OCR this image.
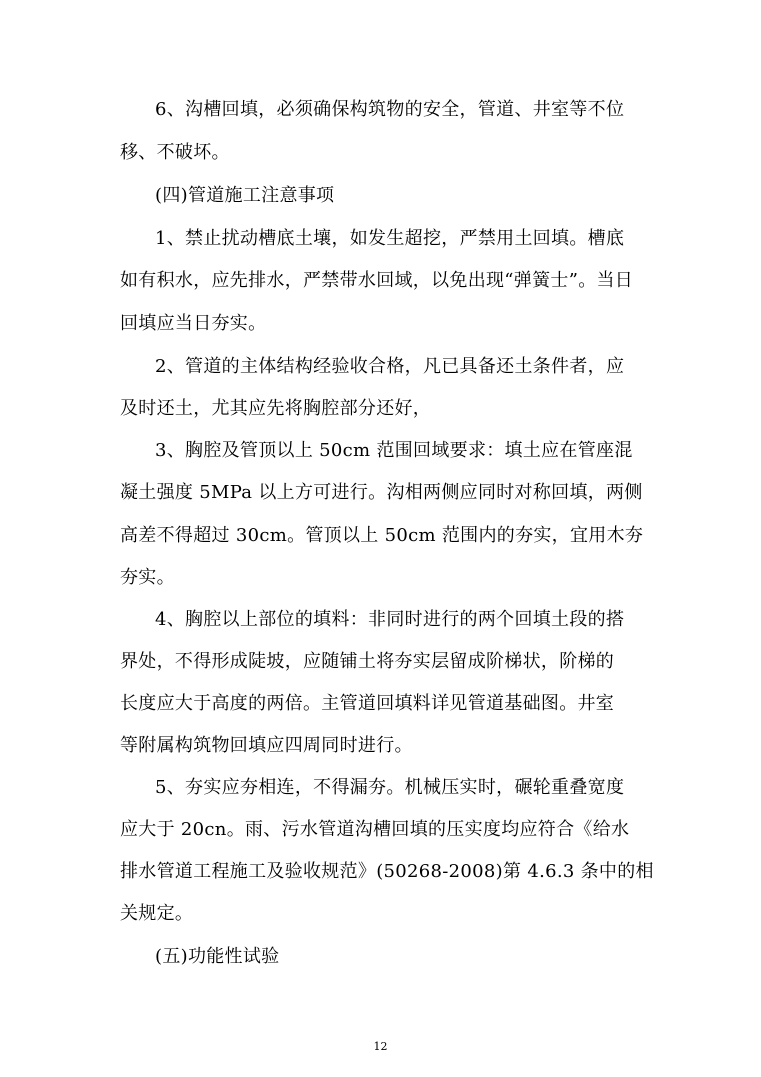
6、沟槽回填，必须确保构筑物的安全，管道、井室等不位
移、不破坏。
(四)管道施工注意事项
1、禁止扰动槽底土壤，如发生超挖，严禁用土回填。槽底
如有积水，应先排水，严禁带水回域，以免出现“弹簧士”。当日
回填应当日夯实。
2、管道的主体结构经验收合格，凡已具备还土条件者，应
及时还土，尤其应先将胸腔部分还好，
3、胸腔及管顶以上 50cm 范围回域要求：填土应在管座混
凝土强度 5MPa 以上方可进行。沟相两侧应同时对称回填，两侧
高差不得超过 30cm。管顶以上 50cm 范围内的夯实，宜用木夯
夯实。
4、胸腔以上部位的填料：非同时进行的两个回填土段的搭
界处，不得形成陡坡，应随铺土将夯实层留成阶梯状，阶梯的
长度应大于高度的两倍。主管道回填料详见管道基础图。井室
等附属构筑物回填应四周同时进行。
5、夯实应夯相连，不得漏夯。机械压实时，碾轮重叠宽度
应大于 20cn。雨、污水管道沟槽回填的压实度均应符合《给水
排水管道工程施工及验收规范》(50268-2008)第 4.6.3 条中的相
关规定。
(五)功能性试验
12
